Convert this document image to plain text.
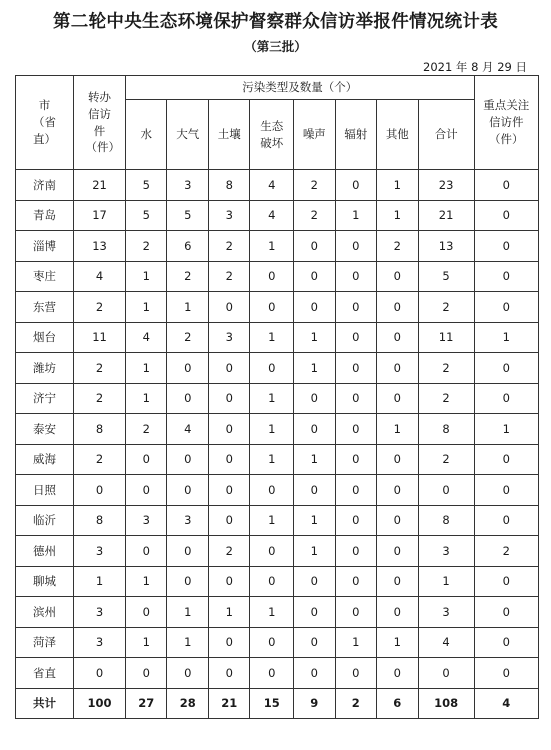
第二轮中央生态环境保护督察群众信访举报件情况统计表
（第三批）
2021 年 8 月 29 日
市（省直）	转办信访件（件）	污染类型及数量（个）								重点关注信访件（件）
		水	大气	土壤	生态破坏	噪声	辐射	其他	合计	
济南	21	5	3	8	4	2	0	1	23	0
青岛	17	5	5	3	4	2	1	1	21	0
淄博	13	2	6	2	1	0	0	2	13	0
枣庄	4	1	2	2	0	0	0	0	5	0
东营	2	1	1	0	0	0	0	0	2	0
烟台	11	4	2	3	1	1	0	0	11	1
潍坊	2	1	0	0	0	1	0	0	2	0
济宁	2	1	0	0	1	0	0	0	2	0
泰安	8	2	4	0	1	0	0	1	8	1
威海	2	0	0	0	1	1	0	0	2	0
日照	0	0	0	0	0	0	0	0	0	0
临沂	8	3	3	0	1	1	0	0	8	0
德州	3	0	0	2	0	1	0	0	3	2
聊城	1	1	0	0	0	0	0	0	1	0
滨州	3	0	1	1	1	0	0	0	3	0
菏泽	3	1	1	0	0	0	1	1	4	0
省直	0	0	0	0	0	0	0	0	0	0
共计	100	27	28	21	15	9	2	6	108	4
